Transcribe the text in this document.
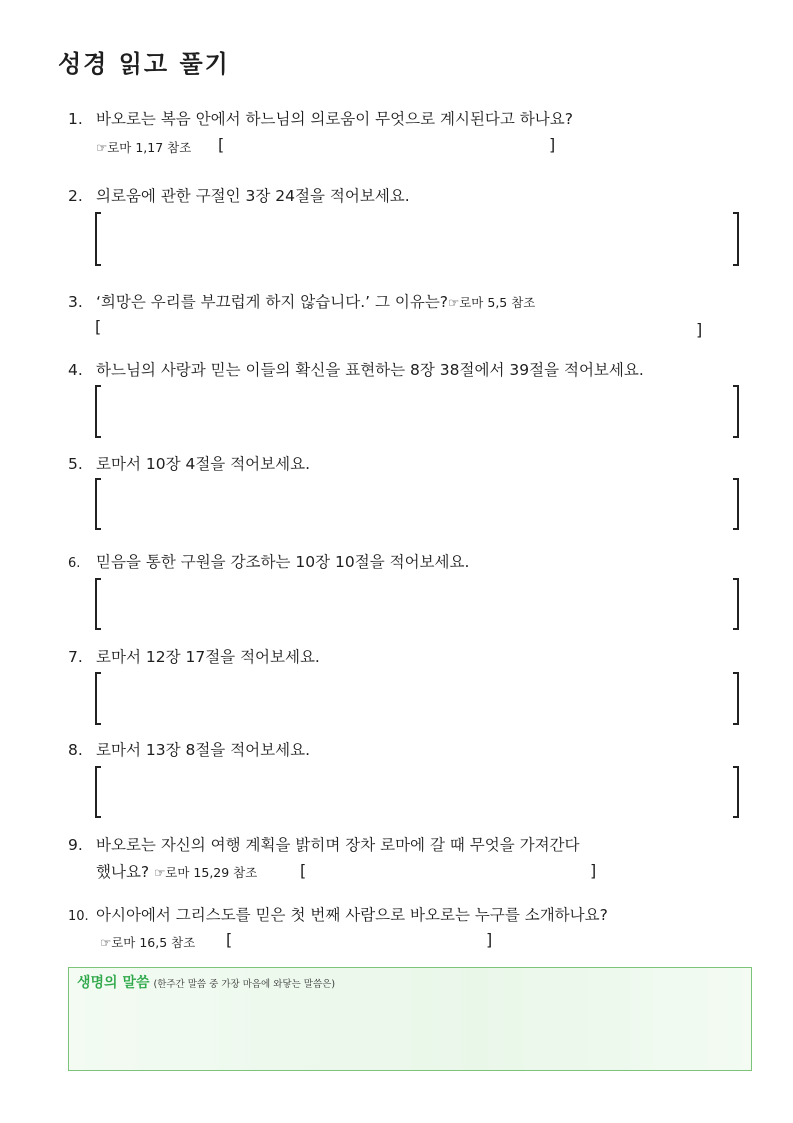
성경 읽고 풀기
1. 바오로는 복음 안에서 하느님의 의로움이 무엇으로 계시된다고 하나요?
☞로마 1,17 참조 [	]
2. 의로움에 관한 구절인 3장 24절을 적어보세요.
3. ‘희망은 우리를 부끄럽게 하지 않습니다.’ 그 이유는?☞로마 5,5 참조
[	]
4. 하느님의 사랑과 믿는 이들의 확신을 표현하는 8장 38절에서 39절을 적어보세요.
5. 로마서 10장 4절을 적어보세요.
6. 믿음을 통한 구원을 강조하는 10장 10절을 적어보세요.
7. 로마서 12장 17절을 적어보세요.
8. 로마서 13장 8절을 적어보세요.
9. 바오로는 자신의 여행 계획을 밝히며 장차 로마에 갈 때 무엇을 가져간다
했나요? ☞로마 15,29 참조	[	]
10. 아시아에서 그리스도를 믿은 첫 번째 사람으로 바오로는 누구를 소개하나요?
☞로마 16,5 참조 [	]
생명의 말씀 (한주간 말씀 중 가장 마음에 와닿는 말씀은)
